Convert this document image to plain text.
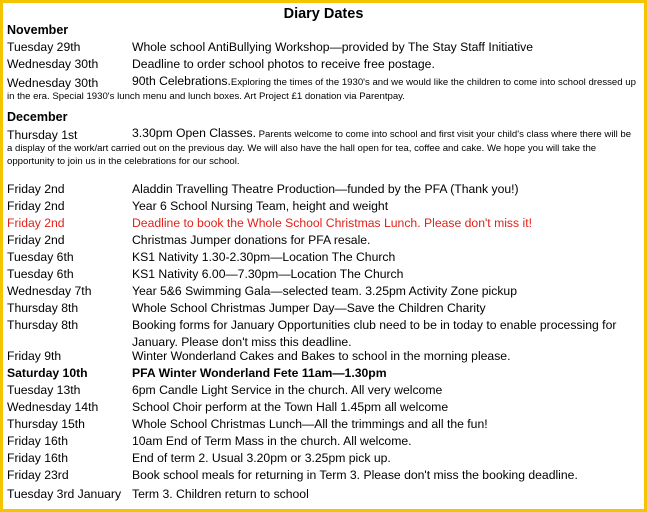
Diary Dates
November
Tuesday 29th	Whole school AntiBullying Workshop—provided by The Stay Staff Initiative
Wednesday 30th	Deadline to order school photos to receive free postage.
Wednesday 30th	90th Celebrations.Exploring the times of the 1930's and we would like the children to come into school dressed up in the era. Special 1930's lunch menu and lunch boxes. Art Project £1 donation via Parentpay.
December
Thursday 1st	3.30pm Open Classes. Parents welcome to come into school and first visit your child's class where there will be a display of the work/art carried out on the previous day. We will also have the hall open for tea, coffee and cake. We hope you will take the opportunity to join us in the celebrations for our school.
Friday 2nd	Aladdin Travelling Theatre Production—funded by the PFA (Thank you!)
Friday 2nd	Year 6 School Nursing Team, height and weight
Friday 2nd	Deadline to book the Whole School Christmas Lunch. Please don't miss it!
Friday 2nd	Christmas Jumper donations for PFA resale.
Tuesday 6th	KS1 Nativity 1.30-2.30pm—Location The Church
Tuesday 6th	KS1 Nativity 6.00—7.30pm—Location The Church
Wednesday 7th	Year 5&6 Swimming Gala—selected team. 3.25pm Activity Zone pickup
Thursday 8th	Whole School Christmas Jumper Day—Save the Children Charity
Thursday 8th	Booking forms for January Opportunities club need to be in today to enable processing for January. Please don't miss this deadline.
Friday 9th	Winter Wonderland Cakes and Bakes to school in the morning please.
Saturday 10th	PFA Winter Wonderland Fete 11am—1.30pm
Tuesday 13th	6pm Candle Light Service in the church. All very welcome
Wednesday 14th	School Choir perform at the Town Hall 1.45pm all welcome
Thursday 15th	Whole School Christmas Lunch—All the trimmings and all the fun!
Friday 16th	10am End of Term Mass in the church. All welcome.
Friday 16th	End of term 2. Usual 3.20pm or 3.25pm pick up.
Friday 23rd	Book school meals for returning in Term 3. Please don't miss the booking deadline.
Tuesday 3rd January Term 3. Children return to school
